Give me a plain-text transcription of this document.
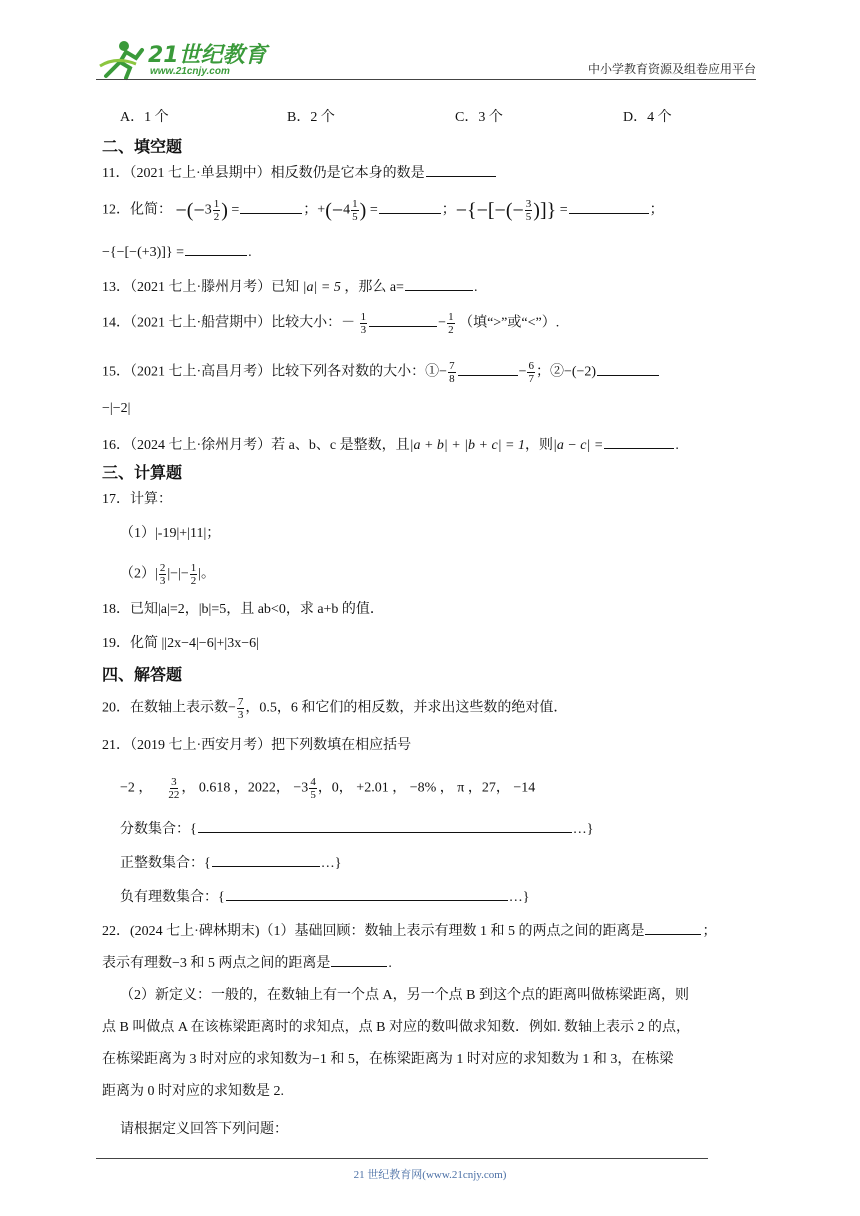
21世纪教育
www.21cnjy.com	中小学教育资源及组卷应用平台
A．1 个	B．2 个	C．3 个	D．4 个
二、填空题
11．（2021 七上·单县期中）相反数仍是它本身的数是
12．化简： $-(-3 \frac{1}{2}$ ) =	；$+(-4 \frac{1}{5}$ ) =	；−{−[−(− $\frac{3}{5}$ )]} =	；
−{−[−(+3)]} =	.
13．（2021 七上·滕州月考）已知 |a| = 5 ，那么 a=	.
14．（2021 七上·船营期中）比较大小：－ $\frac{1}{3}$	− $\frac{1}{2}$ （填“>”或“<”）.
15．（2021 七上·高昌月考）比较下列各对数的大小：①− $\frac{7}{8}$	− $\frac{6}{7}$ ；②−(−2)
−|−2|
16．（2024 七上·徐州月考）若 a、b、c 是整数，且|a + b| + |b + c| = 1，则|a − c| =	.
三、计算题
17．计算：
（1）|-19|+|11|；
$(2)| \frac{2}{3}$ |−|− $\frac{1}{2}$ |。
18．已知|a|=2，|b|=5，且 ab<0，求 a+b 的值．
19．化简 ||2x−4|−6|+|3x−6|
四、解答题
20．在数轴上表示数− $\frac{7}{3}$ ，0.5，6 和它们的相反数，并求出这些数的绝对值．
21．（2019 七上·西安月考）把下列数填在相应括号
−2 ， $\frac{3}{22}$ ， 0.618 ，2022， $-3 \frac{4}{5}$ ，0， +2.01 ， −8% ， π ，27， −14
分数集合：{	…}
正整数集合：{	…}
负有理数集合：{	…}
22．(2024 七上·碑林期末)（1）基础回顾：数轴上表示有理数 1 和 5 的两点之间的距离是	；
表示有理数−3 和 5 两点之间的距离是	.
（2）新定义：一般的，在数轴上有一个点 A，另一个点 B 到这个点的距离叫做栋梁距离，则
点 B 叫做点 A 在该栋梁距离时的求知点，点 B 对应的数叫做求知数．例如. 数轴上表示 2 的点，
在栋梁距离为 3 时对应的求知数为−1 和 5，在栋梁距离为 1 时对应的求知数为 1 和 3，在栋梁
距离为 0 时对应的求知数是 2.
请根据定义回答下列问题：
21 世纪教育网(www.21cnjy.com)
